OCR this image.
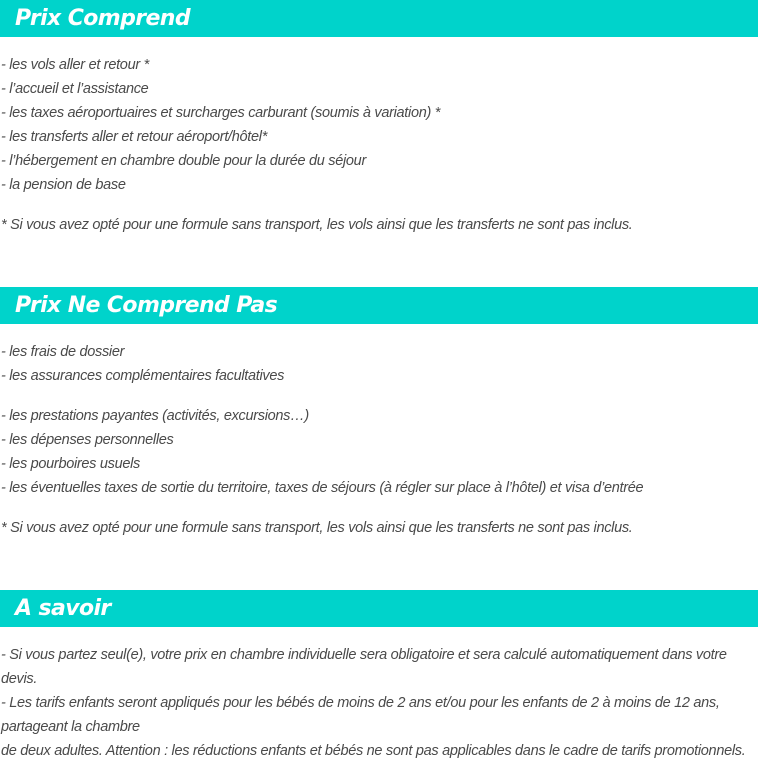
Prix Comprend
- les vols aller et retour *
- l’accueil et l’assistance
- les taxes aéroportuaires et surcharges carburant (soumis à variation) *
- les transferts aller et retour aéroport/hôtel*
- l’hébergement en chambre double pour la durée du séjour
- la pension de base
* Si vous avez opté pour une formule sans transport, les vols ainsi que les transferts ne sont pas inclus.
Prix Ne Comprend Pas
- les frais de dossier
- les assurances complémentaires facultatives
- les prestations payantes (activités, excursions…)
- les dépenses personnelles
- les pourboires usuels
- les éventuelles taxes de sortie du territoire, taxes de séjours (à régler sur place à l’hôtel) et visa d’entrée
* Si vous avez opté pour une formule sans transport, les vols ainsi que les transferts ne sont pas inclus.
A savoir
- Si vous partez seul(e), votre prix en chambre individuelle sera obligatoire et sera calculé automatiquement dans votre
devis.
- Les tarifs enfants seront appliqués pour les bébés de moins de 2 ans et/ou pour les enfants de 2 à moins de 12 ans,
partageant la chambre
de deux adultes. Attention : les réductions enfants et bébés ne sont pas applicables dans le cadre de tarifs promotionnels.
